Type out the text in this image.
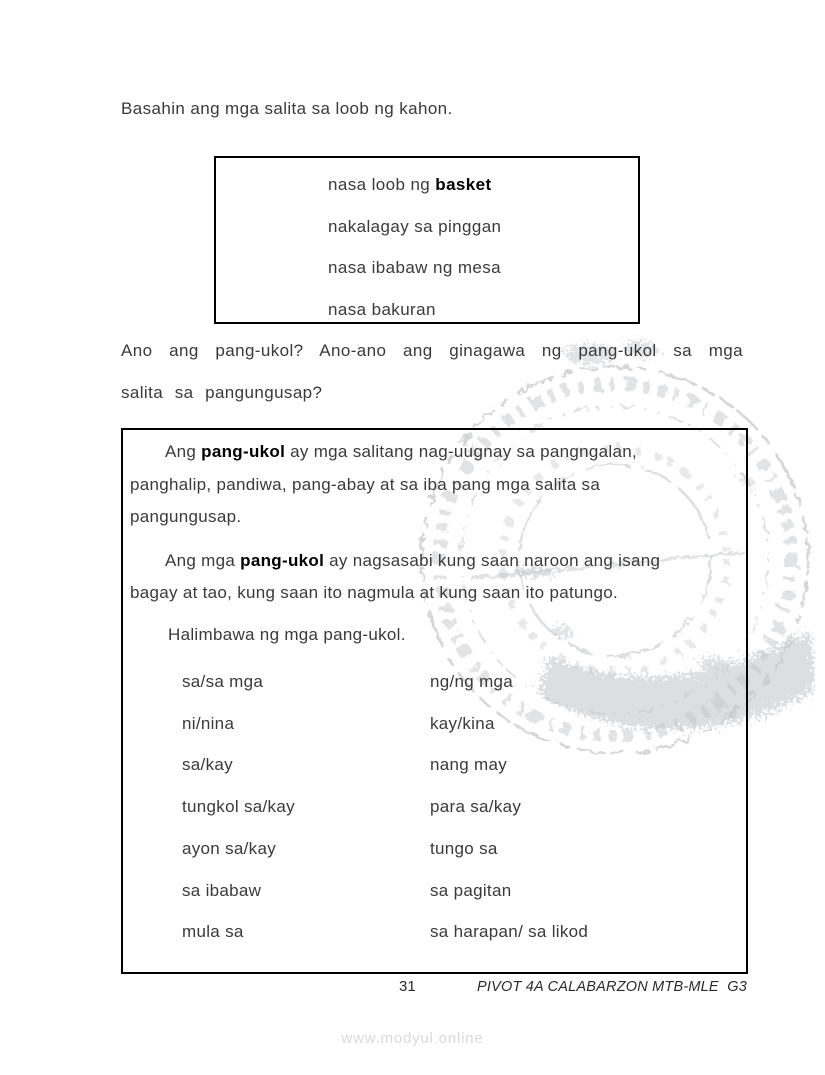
Basahin ang mga salita sa loob ng kahon.

nasa loob ng basket

nakalagay sa pinggan

nasa ibabaw ng mesa

nasa bakuran

Ano ang pang-ukol? Ano-ano ang ginagawa ng pang-ukol sa mga salita sa pangungusap?

Ang pang-ukol ay mga salitang nag-uugnay sa pangngalan, panghalip, pandiwa, pang-abay at sa iba pang mga salita sa pangungusap.

Ang mga pang-ukol ay nagsasabi kung saan naroon ang isang bagay at tao, kung saan ito nagmula at kung saan ito patungo.

Halimbawa ng mga pang-ukol.

sa/sa mga	ng/ng mga
ni/nina	kay/kina
sa/kay	nang may
tungkol sa/kay	para sa/kay
ayon sa/kay	tungo sa
sa ibabaw	sa pagitan
mula sa	sa harapan/ sa likod
31	PIVOT 4A CALABARZON MTB-MLE  G3
www.modyul.online
